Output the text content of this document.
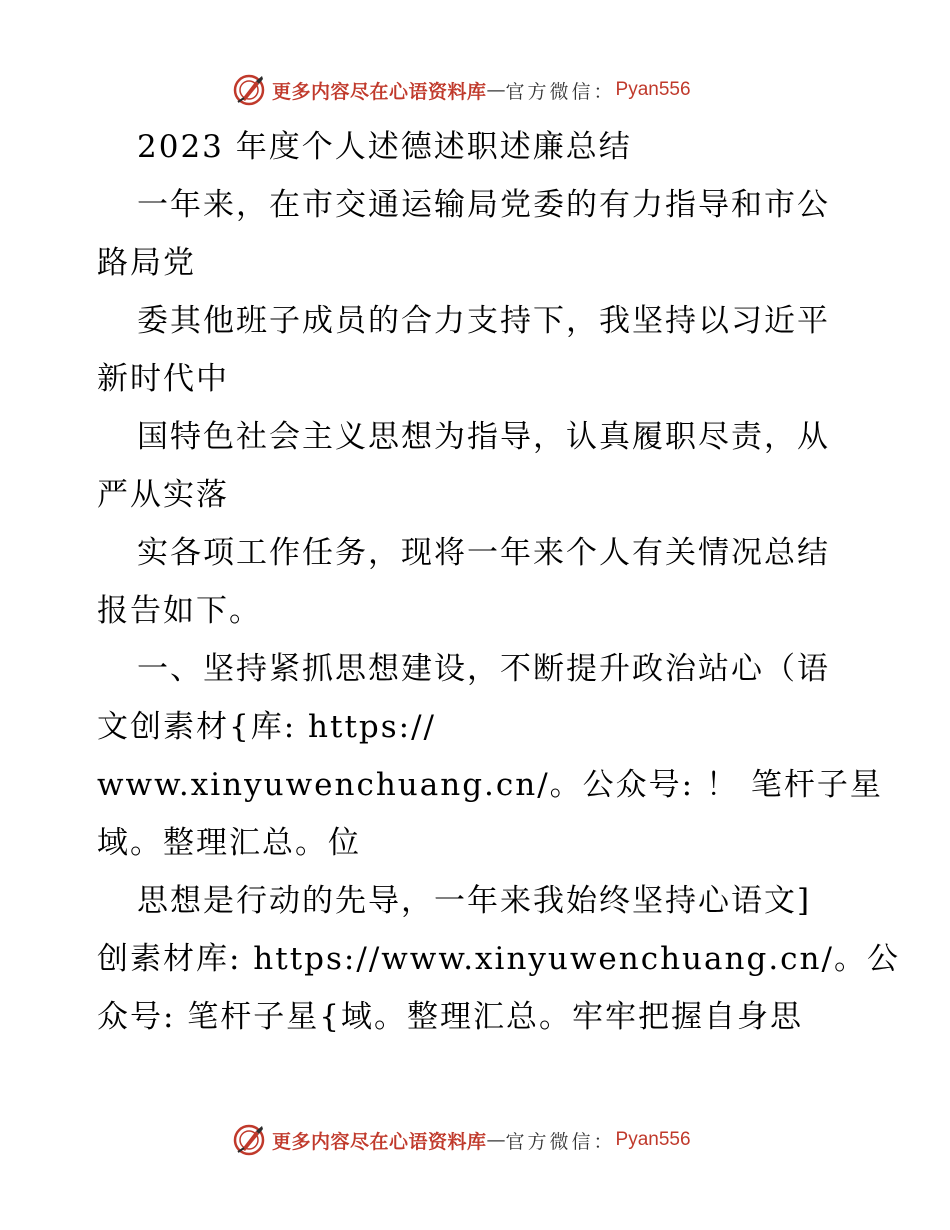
更多内容尽在心语资料库 — 官方微信： Pyan556
2023 年度个人述德述职述廉总结
一年来，在市交通运输局党委的有力指导和市公
路局党
委其他班子成员的合力支持下，我坚持以习近平
新时代中
国特色社会主义思想为指导，认真履职尽责，从
严从实落
实各项工作任务，现将一年来个人有关情况总结
报告如下。
一、坚持紧抓思想建设，不断提升政治站心（语
文创素材{库: https://
www.xinyuwenchuang.cn/。公众号: ！ 笔杆子星
域。整理汇总。位
思想是行动的先导，一年来我始终坚持心语文]
创素材库: https://www.xinyuwenchuang.cn/。公
众号: 笔杆子星{域。整理汇总。牢牢把握自身思
更多内容尽在心语资料库 — 官方微信： Pyan556
